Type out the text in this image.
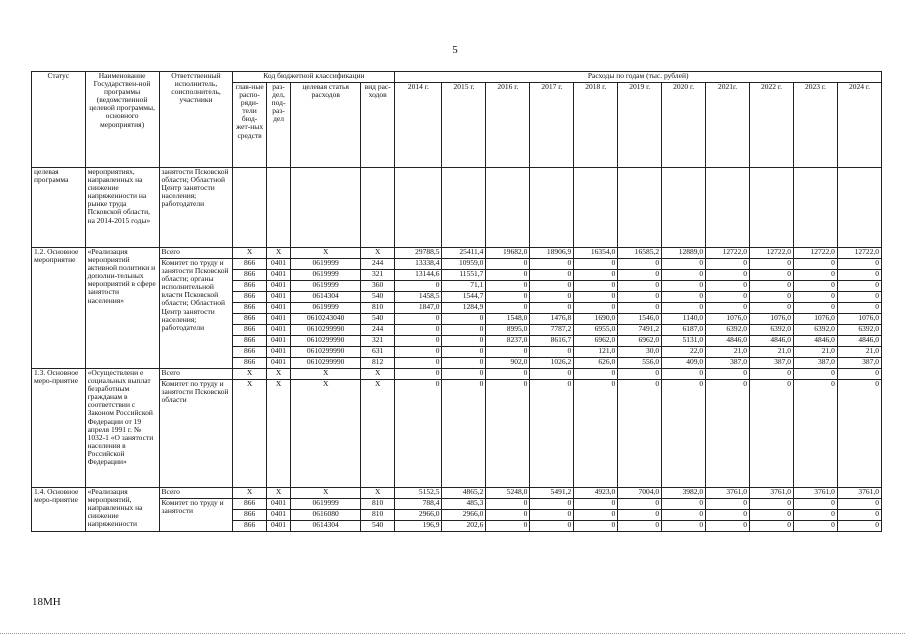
5
Статус	Наименование Государствен-ной программы (ведомственной целевой программы, основного мероприятия)	Ответственный исполнитель, соисполнитель, участники	Код бюджетной классификации				Расходы по годам (тыс. рублей)										
			глав-ные распо-ряди-тели бюд-жет-ных средств	раз-дел, под-раз-дел	целевая статья расходов	вид рас-ходов	2014 г.	2015 г.	2016 г.	2017 г.	2018 г.	2019 г.	2020 г.	2021г.	2022 г.	2023 г.	2024 г.
целевая программа	мероприятиях, направленных на снижение напряженности на рынке труда Псковской области, на 2014-2015 годы»	занятости Псковской области; Областной Центр занятости населения; работодатели															
1.2. Основное мероприятие	«Реализация мероприятий активной политики и дополни-тельных мероприятий в сфере занятости населения»	Всего	X	X	X	X	29788,5	25411,4	19682,0	18906,9	16354,0	16585,2	12889,0	12722,0	12722,0	12722,0	12722,0
		Комитет по труду и занятости Псковской области; органы исполнительной власти Псковской области; Областной Центр занятости населения; работодатели	866	0401	0619999	244	13338,4	10959,0	0	0	0	0	0	0	0	0	0
			866	0401	0619999	321	13144,6	11551,7	0	0	0	0	0	0	0	0	0
			866	0401	0619999	360	0	71,1	0	0	0	0	0	0	0	0	0
			866	0401	0614304	540	1458,5	1544,7	0	0	0	0	0	0	0	0	0
			866	0401	0619999	810	1847,0	1284,9	0	0	0	0	0	0	0	0	0
			866	0401	0610243040	540	0	0	1548,0	1476,8	1690,0	1546,0	1140,0	1076,0	1076,0	1076,0	1076,0
			866	0401	0610299990	244	0	0	8995,0	7787,2	6955,0	7491,2	6187,0	6392,0	6392,0	6392,0	6392,0
			866	0401	0610299990	321	0	0	8237,0	8616,7	6962,0	6962,0	5131,0	4846,0	4846,0	4846,0	4846,0
			866	0401	0610299990	631	0	0	0	0	121,0	30,0	22,0	21,0	21,0	21,0	21,0
			866	0401	0610299990	812	0	0	902,0	1026,2	626,0	556,0	409,0	387,0	387,0	387,0	387,0
1.3. Основное меро-приятие	«Осуществлени е социальных выплат безработным гражданам в соответствии с Законом Российской Федерации от 19 апреля 1991 г. № 1032-1 «О занятости населения в Российской Федерации»	Всего	X	X	X	X	0	0	0	0	0	0	0	0	0	0	0
		Комитет по труду и занятости Псковской области	X	X	X	X	0	0	0	0	0	0	0	0	0	0	0
1.4. Основное меро-приятие	«Реализация мероприятий, направленных на снижение напряженности	Всего	X	X	X	X	5152,5	4865,2	5248,0	5491,2	4923,0	7004,0	3982,0	3761,0	3761,0	3761,0	3761,0
		Комитет по труду и занятости	866	0401	0619999	810	788,4	485,3	0	0	0	0	0	0	0	0	0
			866	0401	0616080	810	2966,0	2966,0	0	0	0	0	0	0	0	0	0
			866	0401	0614304	540	196,9	202,6	0	0	0	0	0	0	0	0	0
18МН
